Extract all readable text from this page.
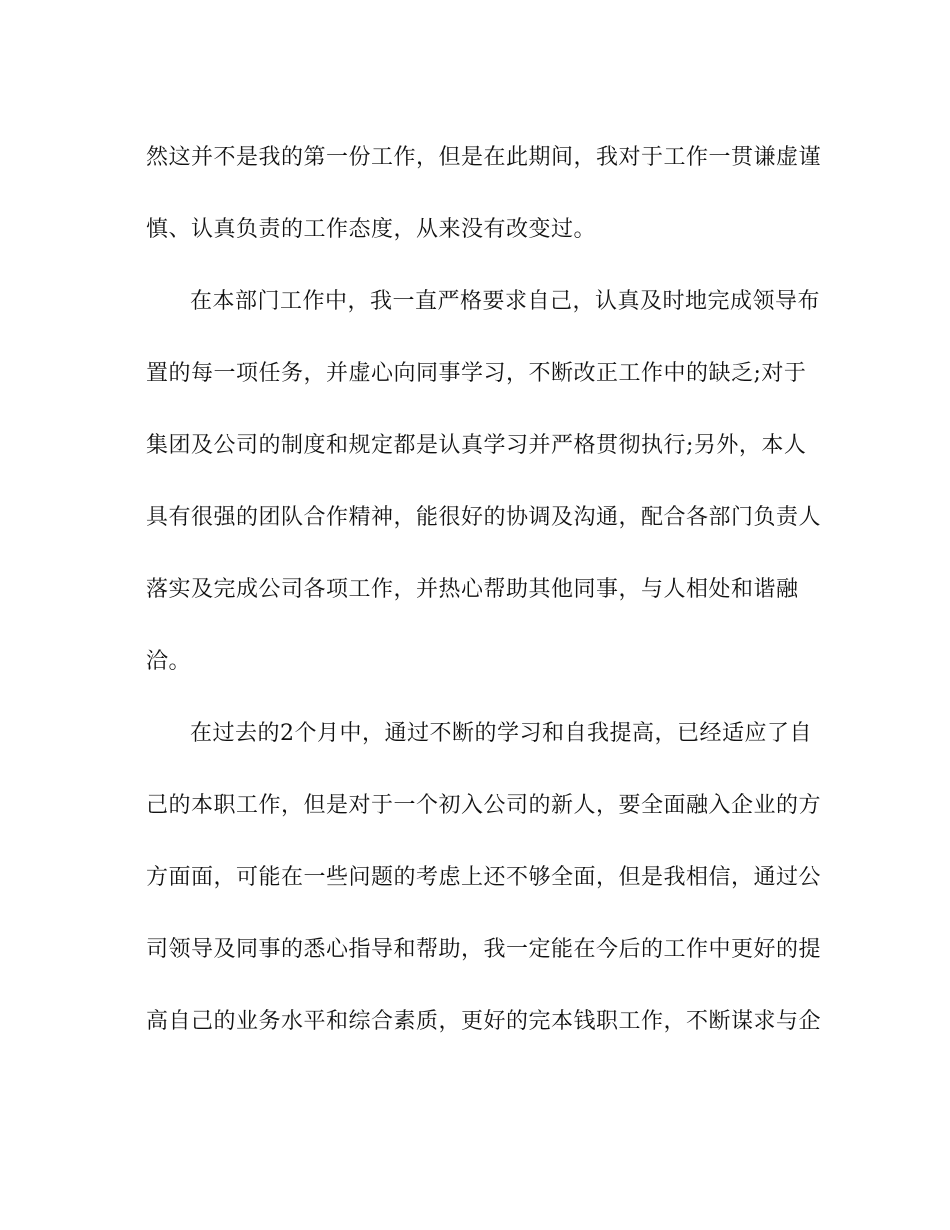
然这并不是我的第一份工作，但是在此期间，我对于工作一贯谦虚谨
慎、认真负责的工作态度，从来没有改变过。
在本部门工作中，我一直严格要求自己，认真及时地完成领导布
置的每一项任务，并虚心向同事学习，不断改正工作中的缺乏;对于
集团及公司的制度和规定都是认真学习并严格贯彻执行;另外，本人
具有很强的团队合作精神，能很好的协调及沟通，配合各部门负责人
落实及完成公司各项工作，并热心帮助其他同事，与人相处和谐融
洽。
在过去的2个月中，通过不断的学习和自我提高，已经适应了自
己的本职工作，但是对于一个初入公司的新人，要全面融入企业的方
方面面，可能在一些问题的考虑上还不够全面，但是我相信，通过公
司领导及同事的悉心指导和帮助，我一定能在今后的工作中更好的提
高自己的业务水平和综合素质，更好的完本钱职工作，不断谋求与企
